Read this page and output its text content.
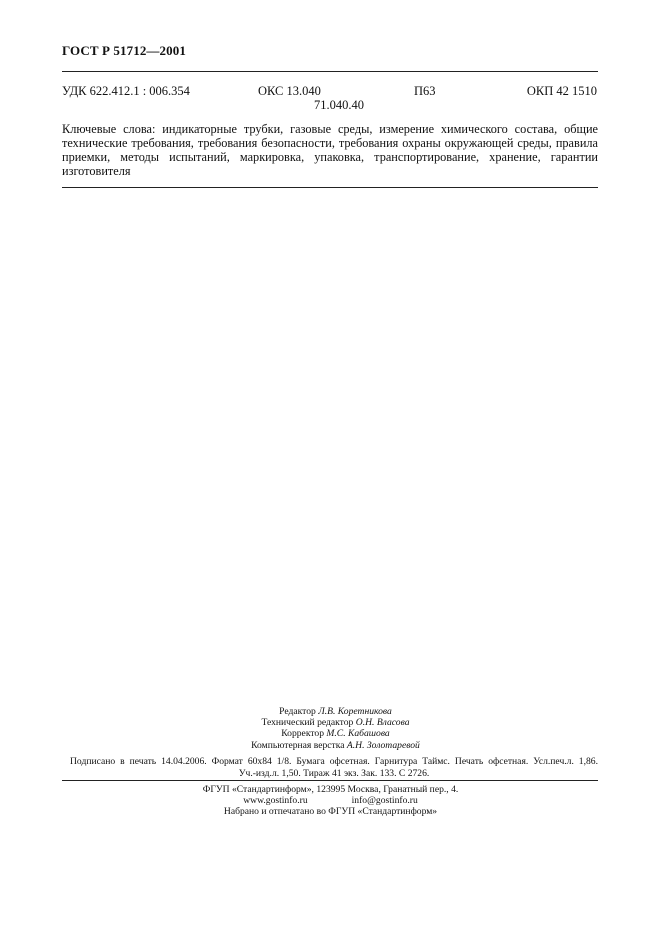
ГОСТ Р 51712—2001
УДК 622.412.1 : 006.354	ОКС 13.040
71.040.40
П63	ОКП 42 1510
Ключевые слова: индикаторные трубки, газовые среды, измерение химического состава, общие технические требования, требования безопасности, требования охраны окружающей среды, правила приемки, методы испытаний, маркировка, упаковка, транспортирование, хранение, гарантии изготовителя
Редактор Л.В. Коретникова
Технический редактор О.Н. Власова
Корректор М.С. Кабашова
Компьютерная верстка А.Н. Золотаревой
Подписано в печать 14.04.2006. Формат 60x84 1/8. Бумага офсетная. Гарнитура Таймс. Печать офсетная. Усл.печ.л. 1,86.
Уч.-изд.л. 1,50. Тираж 41 экз. Зак. 133. С 2726.
ФГУП «Стандартинформ», 123995 Москва, Гранатный пер., 4.
www.gostinfo.ru	info@gostinfo.ru
Набрано и отпечатано во ФГУП «Стандартинформ»
